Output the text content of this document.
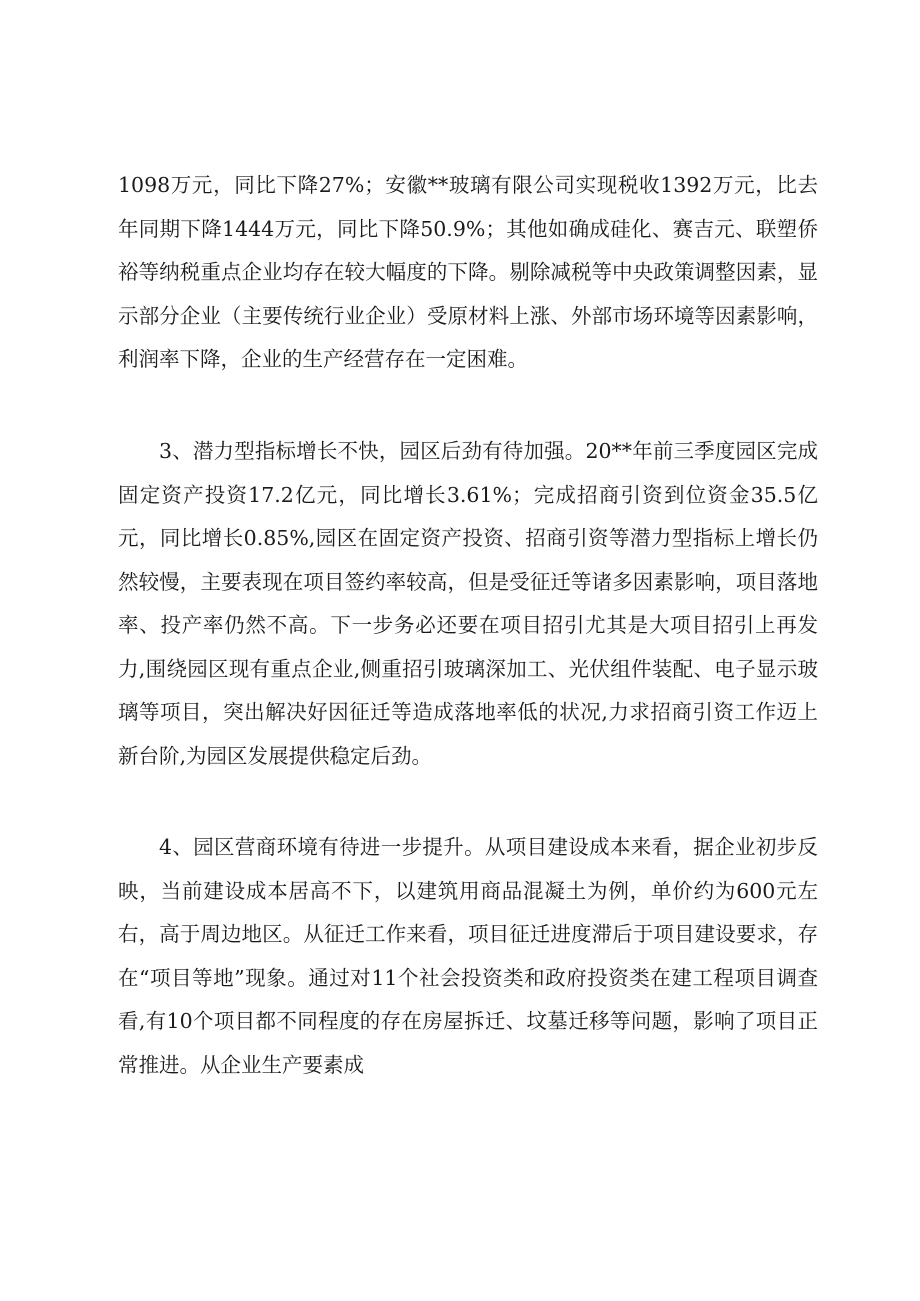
1098万元，同比下降27%；安徽**玻璃有限公司实现税收1392万元，比去年同期下降1444万元，同比下降50.9%；其他如确成硅化、赛吉元、联塑侨裕等纳税重点企业均存在较大幅度的下降。剔除减税等中央政策调整因素，显示部分企业（主要传统行业企业）受原材料上涨、外部市场环境等因素影响，利润率下降，企业的生产经营存在一定困难。

3、潜力型指标增长不快，园区后劲有待加强。20**年前三季度园区完成固定资产投资17.2亿元，同比增长3.61%；完成招商引资到位资金35.5亿元，同比增长0.85%,园区在固定资产投资、招商引资等潜力型指标上增长仍然较慢，主要表现在项目签约率较高，但是受征迁等诸多因素影响，项目落地率、投产率仍然不高。下一步务必还要在项目招引尤其是大项目招引上再发力,围绕园区现有重点企业,侧重招引玻璃深加工、光伏组件装配、电子显示玻璃等项目，突出解决好因征迁等造成落地率低的状况,力求招商引资工作迈上新台阶,为园区发展提供稳定后劲。

4、园区营商环境有待进一步提升。从项目建设成本来看，据企业初步反映，当前建设成本居高不下，以建筑用商品混凝土为例，单价约为600元左右，高于周边地区。从征迁工作来看，项目征迁进度滞后于项目建设要求，存在“项目等地”现象。通过对11个社会投资类和政府投资类在建工程项目调查看,有10个项目都不同程度的存在房屋拆迁、坟墓迁移等问题，影响了项目正常推进。从企业生产要素成
